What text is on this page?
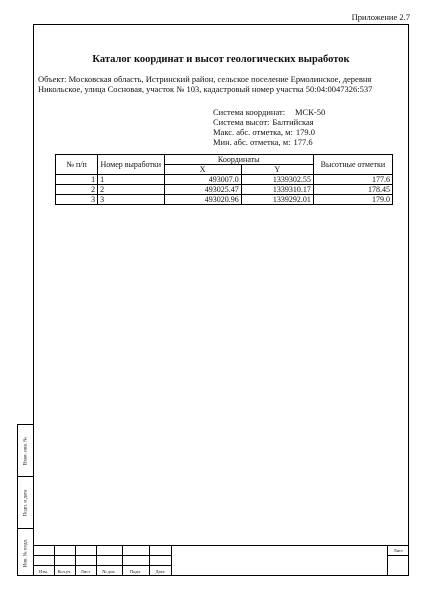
Приложение 2.7
Взам. инв. №
Подп. и дата
Инв. № подл.
Каталог координат и высот геологических выработок
Объект: Московская область, Истринский район, сельское поселение Ермолинское, деревня Никольское, улица Сосновая, участок № 103, кадастровый номер участка 50:04:0047326:537
Система координат:	МСК-50
Система высот: Балтийская
Макс. абс. отметка, м: 179.0
Мин. абс. отметка, м: 177.6
№ п/п	Номер выработки	Координаты		Высотные отметки
		X	Y	
1	1	493007.0	1339302.55	177.6
2	2	493025.47	1339310.17	178.45
3	3	493020.96	1339292.01	179.0
Изм.	Кол.уч.	Лист	№ док.	Подп.	Дата
Лист
